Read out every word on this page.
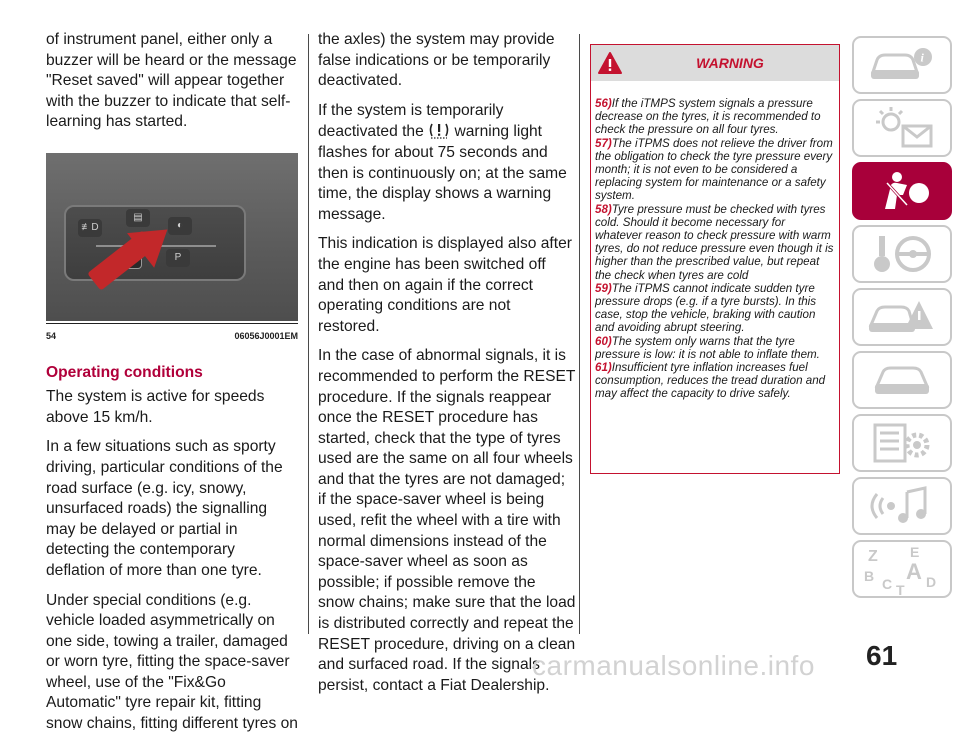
of instrument panel, either only a buzzer will be heard or the message "Reset saved" will appear together with the buzzer to indicate that self-learning has started.

≢D
▤
◐
P
54	06056J0001EM
Operating conditions

The system is active for speeds above 15 km/h.

In a few situations such as sporty driving, particular conditions of the road surface (e.g. icy, snowy, unsurfaced roads) the signalling may be delayed or partial in detecting the contemporary deflation of more than one tyre.

Under special conditions (e.g. vehicle loaded asymmetrically on one side, towing a trailer, damaged or worn tyre, fitting the space-saver wheel, use of the "Fix&Go Automatic" tyre repair kit, fitting snow chains, fitting different tyres on

the axles) the system may provide false indications or be temporarily deactivated.

If the system is temporarily deactivated the warning light flashes for about 75 seconds and then is continuously on; at the same time, the display shows a warning message.

This indication is displayed also after the engine has been switched off and then on again if the correct operating conditions are not restored.

In the case of abnormal signals, it is recommended to perform the RESET procedure. If the signals reappear once the RESET procedure has started, check that the type of tyres used are the same on all four wheels and that the tyres are not damaged; if the space-saver wheel is being used, refit the wheel with a tire with normal dimensions instead of the space-saver wheel as soon as possible; if possible remove the snow chains; make sure that the load is distributed correctly and repeat the RESET procedure, driving on a clean and surfaced road. If the signals persist, contact a Fiat Dealership.

WARNING
56)If the iTMPS system signals a pressure decrease on the tyres, it is recommended to check the pressure on all four tyres.
57)The iTPMS does not relieve the driver from the obligation to check the tyre pressure every month; it is not even to be considered a replacing system for maintenance or a safety system.
58)Tyre pressure must be checked with tyres cold. Should it become necessary for whatever reason to check pressure with warm tyres, do not reduce pressure even though it is higher than the prescribed value, but repeat the check when tyres are cold
59)The iTPMS cannot indicate sudden tyre pressure drops (e.g. if a tyre bursts). In this case, stop the vehicle, braking with caution and avoiding abrupt steering.
60)The system only warns that the tyre pressure is low: it is not able to inflate them.
61)Insufficient tyre inflation increases fuel consumption, reduces the tread duration and may affect the capacity to drive safely.
i
Z E
B A
C D
T
61
carmanualsonline.info
